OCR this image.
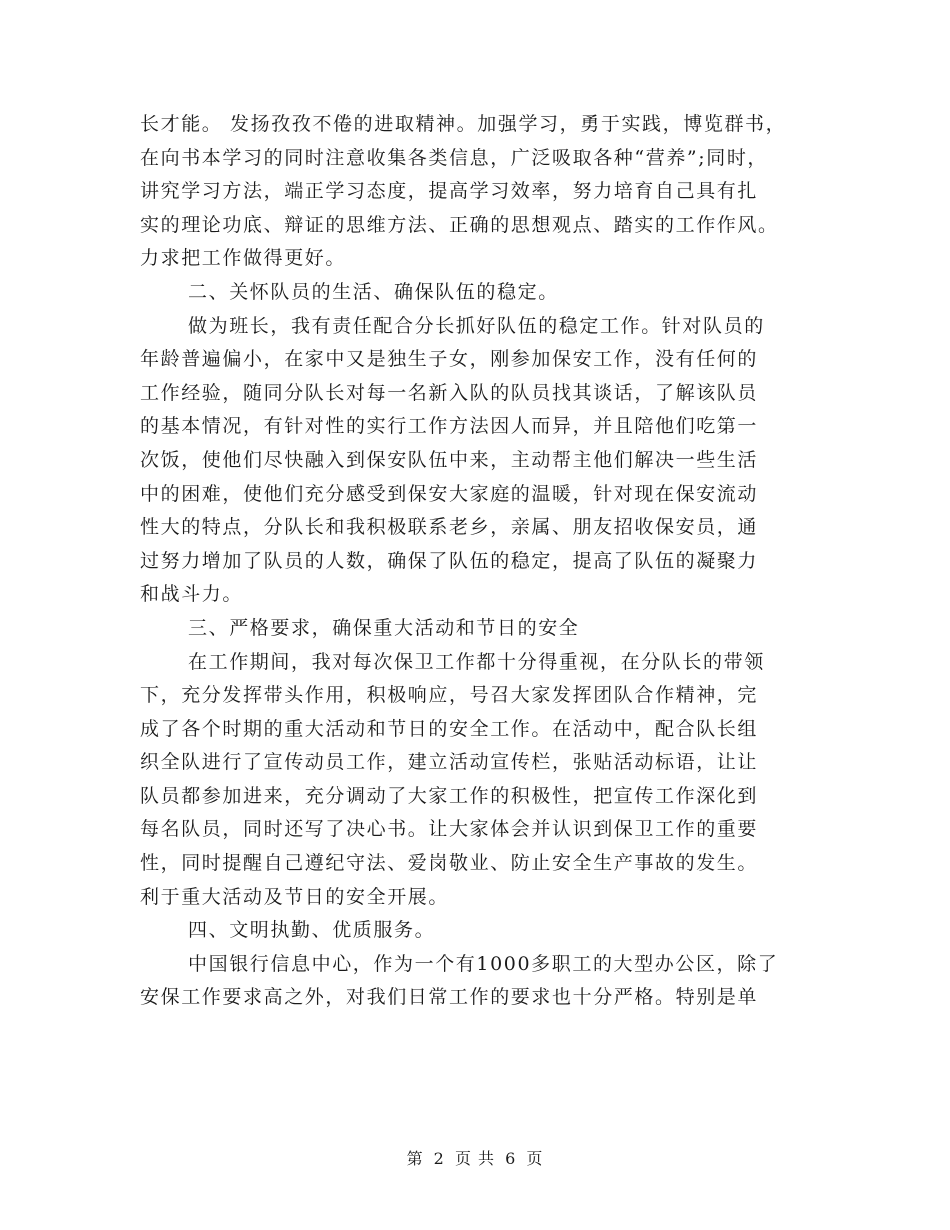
长才能。 发扬孜孜不倦的进取精神。加强学习，勇于实践，博览群书，
在向书本学习的同时注意收集各类信息，广泛吸取各种“营养”;同时，
讲究学习方法，端正学习态度，提高学习效率，努力培育自己具有扎
实的理论功底、辩证的思维方法、正确的思想观点、踏实的工作作风。
力求把工作做得更好。
二、关怀队员的生活、确保队伍的稳定。
做为班长，我有责任配合分长抓好队伍的稳定工作。针对队员的
年龄普遍偏小，在家中又是独生子女，刚参加保安工作，没有任何的
工作经验，随同分队长对每一名新入队的队员找其谈话，了解该队员
的基本情况，有针对性的实行工作方法因人而异，并且陪他们吃第一
次饭，使他们尽快融入到保安队伍中来，主动帮主他们解决一些生活
中的困难，使他们充分感受到保安大家庭的温暖，针对现在保安流动
性大的特点，分队长和我积极联系老乡，亲属、朋友招收保安员，通
过努力增加了队员的人数，确保了队伍的稳定，提高了队伍的凝聚力
和战斗力。
三、严格要求，确保重大活动和节日的安全
在工作期间，我对每次保卫工作都十分得重视，在分队长的带领
下，充分发挥带头作用，积极响应，号召大家发挥团队合作精神，完
成了各个时期的重大活动和节日的安全工作。在活动中，配合队长组
织全队进行了宣传动员工作，建立活动宣传栏，张贴活动标语，让让
队员都参加进来，充分调动了大家工作的积极性，把宣传工作深化到
每名队员，同时还写了决心书。让大家体会并认识到保卫工作的重要
性，同时提醒自己遵纪守法、爱岗敬业、防止安全生产事故的发生。
利于重大活动及节日的安全开展。
四、文明执勤、优质服务。
中国银行信息中心，作为一个有1000多职工的大型办公区，除了
安保工作要求高之外，对我们日常工作的要求也十分严格。特别是单
第 2 页 共 6 页
